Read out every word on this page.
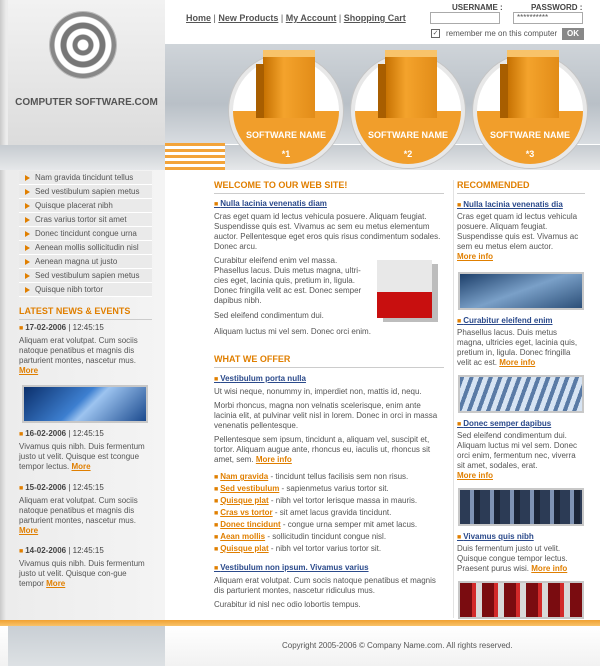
COMPUTER SOFTWARE.COM
Home | New Products | My Account | Shopping Cart
USERNAME :	PASSWORD :
**********
✓ remember me on this computer	OK
SOFTWARE NAME
*1
SOFTWARE NAME
*2
SOFTWARE NAME
*3
Nam gravida tincidunt tellus
Sed vestibulum sapien metus
Quisque placerat nibh
Cras varius tortor sit amet
Donec tincidunt congue urna
Aenean mollis sollicitudin nisl
Aenean magna ut justo
Sed vestibulum sapien metus
Quisque nibh tortor
LATEST NEWS & EVENTS
■ 17-02-2006 | 12:45:15
Aliquam erat volutpat. Cum sociis natoque penatibus et magnis dis parturient montes, nascetur mus.
More
■ 16-02-2006 | 12:45:15
Vivamus quis nibh. Duis fermentum justo ut velit. Quisque est tcongue tempor lectus. More
■ 15-02-2006 | 12:45:15
Aliquam erat volutpat. Cum sociis natoque penatibus et magnis dis parturient montes, nascetur mus.
More
■ 14-02-2006 | 12:45:15
Vivamus quis nibh. Duis fermentum justo ut velit. Quisque con-gue tempor More
WELCOME TO OUR WEB SITE!
■ Nulla lacinia venenatis diam
Cras eget quam id lectus vehicula posuere. Aliquam feugiat. Suspendisse quis est. Vivamus ac sem eu metus elementum auctor. Pellentesque eget eros quis risus condimentum sodales. Donec arcu.
Curabitur eleifend enim vel massa. Phasellus lacus. Duis metus magna, ultri-cies eget, lacinia quis, pretium in, ligula. Donec fringilla velit ac est. Donec semper dapibus nibh.
Sed eleifend condimentum dui.
Aliquam luctus mi vel sem. Donec orci enim.
WHAT WE OFFER
■ Vestibulum porta nulla
Ut wisi neque, nonummy in, imperdiet non, mattis id, nequ.
Morbi rhoncus, magna non velnatis scelerisque, enim ante lacinia elit, at pulvinar velit nisl in lorem. Donec in orci in massa venenatis pellentesque.
Pellentesque sem ipsum, tincidunt a, aliquam vel, suscipit et, tortor. Aliquam augue ante, rhoncus eu, iaculis ut, rhoncus sit amet, sem. More info
■ Nam gravida - tincidunt tellus facilisis sem non risus.
■ Sed vestibulum - sapienmetus varius tortor sit.
■ Quisque plat - nibh vel tortor lerisque massa in mauris.
■ Cras vs tortor - sit amet lacus gravida tincidunt.
■ Donec tincidunt - congue urna semper mit amet lacus.
■ Aean mollis - sollicitudin tincidunt congue nisl.
■ Quisque plat - nibh vel tortor varius tortor sit.
■ Vestibulum non ipsum. Vivamus varius
Aliquam erat volutpat. Cum socis natoque penatibus et magnis dis parturient montes, nascetur ridiculus mus.
Curabitur id nisl nec odio lobortis tempus.
RECOMMENDED
■ Nulla lacinia venenatis dia
Cras eget quam id lectus vehicula posuere. Aliquam feugiat. Suspendisse quis est. Vivamus ac sem eu metus elem auctor.
More info
■ Curabitur eleifend enim
Phasellus lacus. Duis metus magna, ultricies eget, lacinia quis, pretium in, ligula. Donec fringilla velit ac est. More info
■ Donec semper dapibus
Sed eleifend condimentum dui. Aliquam luctus mi vel sem. Donec orci enim, fermentum nec, viverra sit amet, sodales, erat.
More info
■ Vivamus quis nibh
Duis fermentum justo ut velit. Quisque congue tempor lectus. Praesent purus wisi. More info
Copyright 2005-2006 © Company Name.com. All rights reserved.
